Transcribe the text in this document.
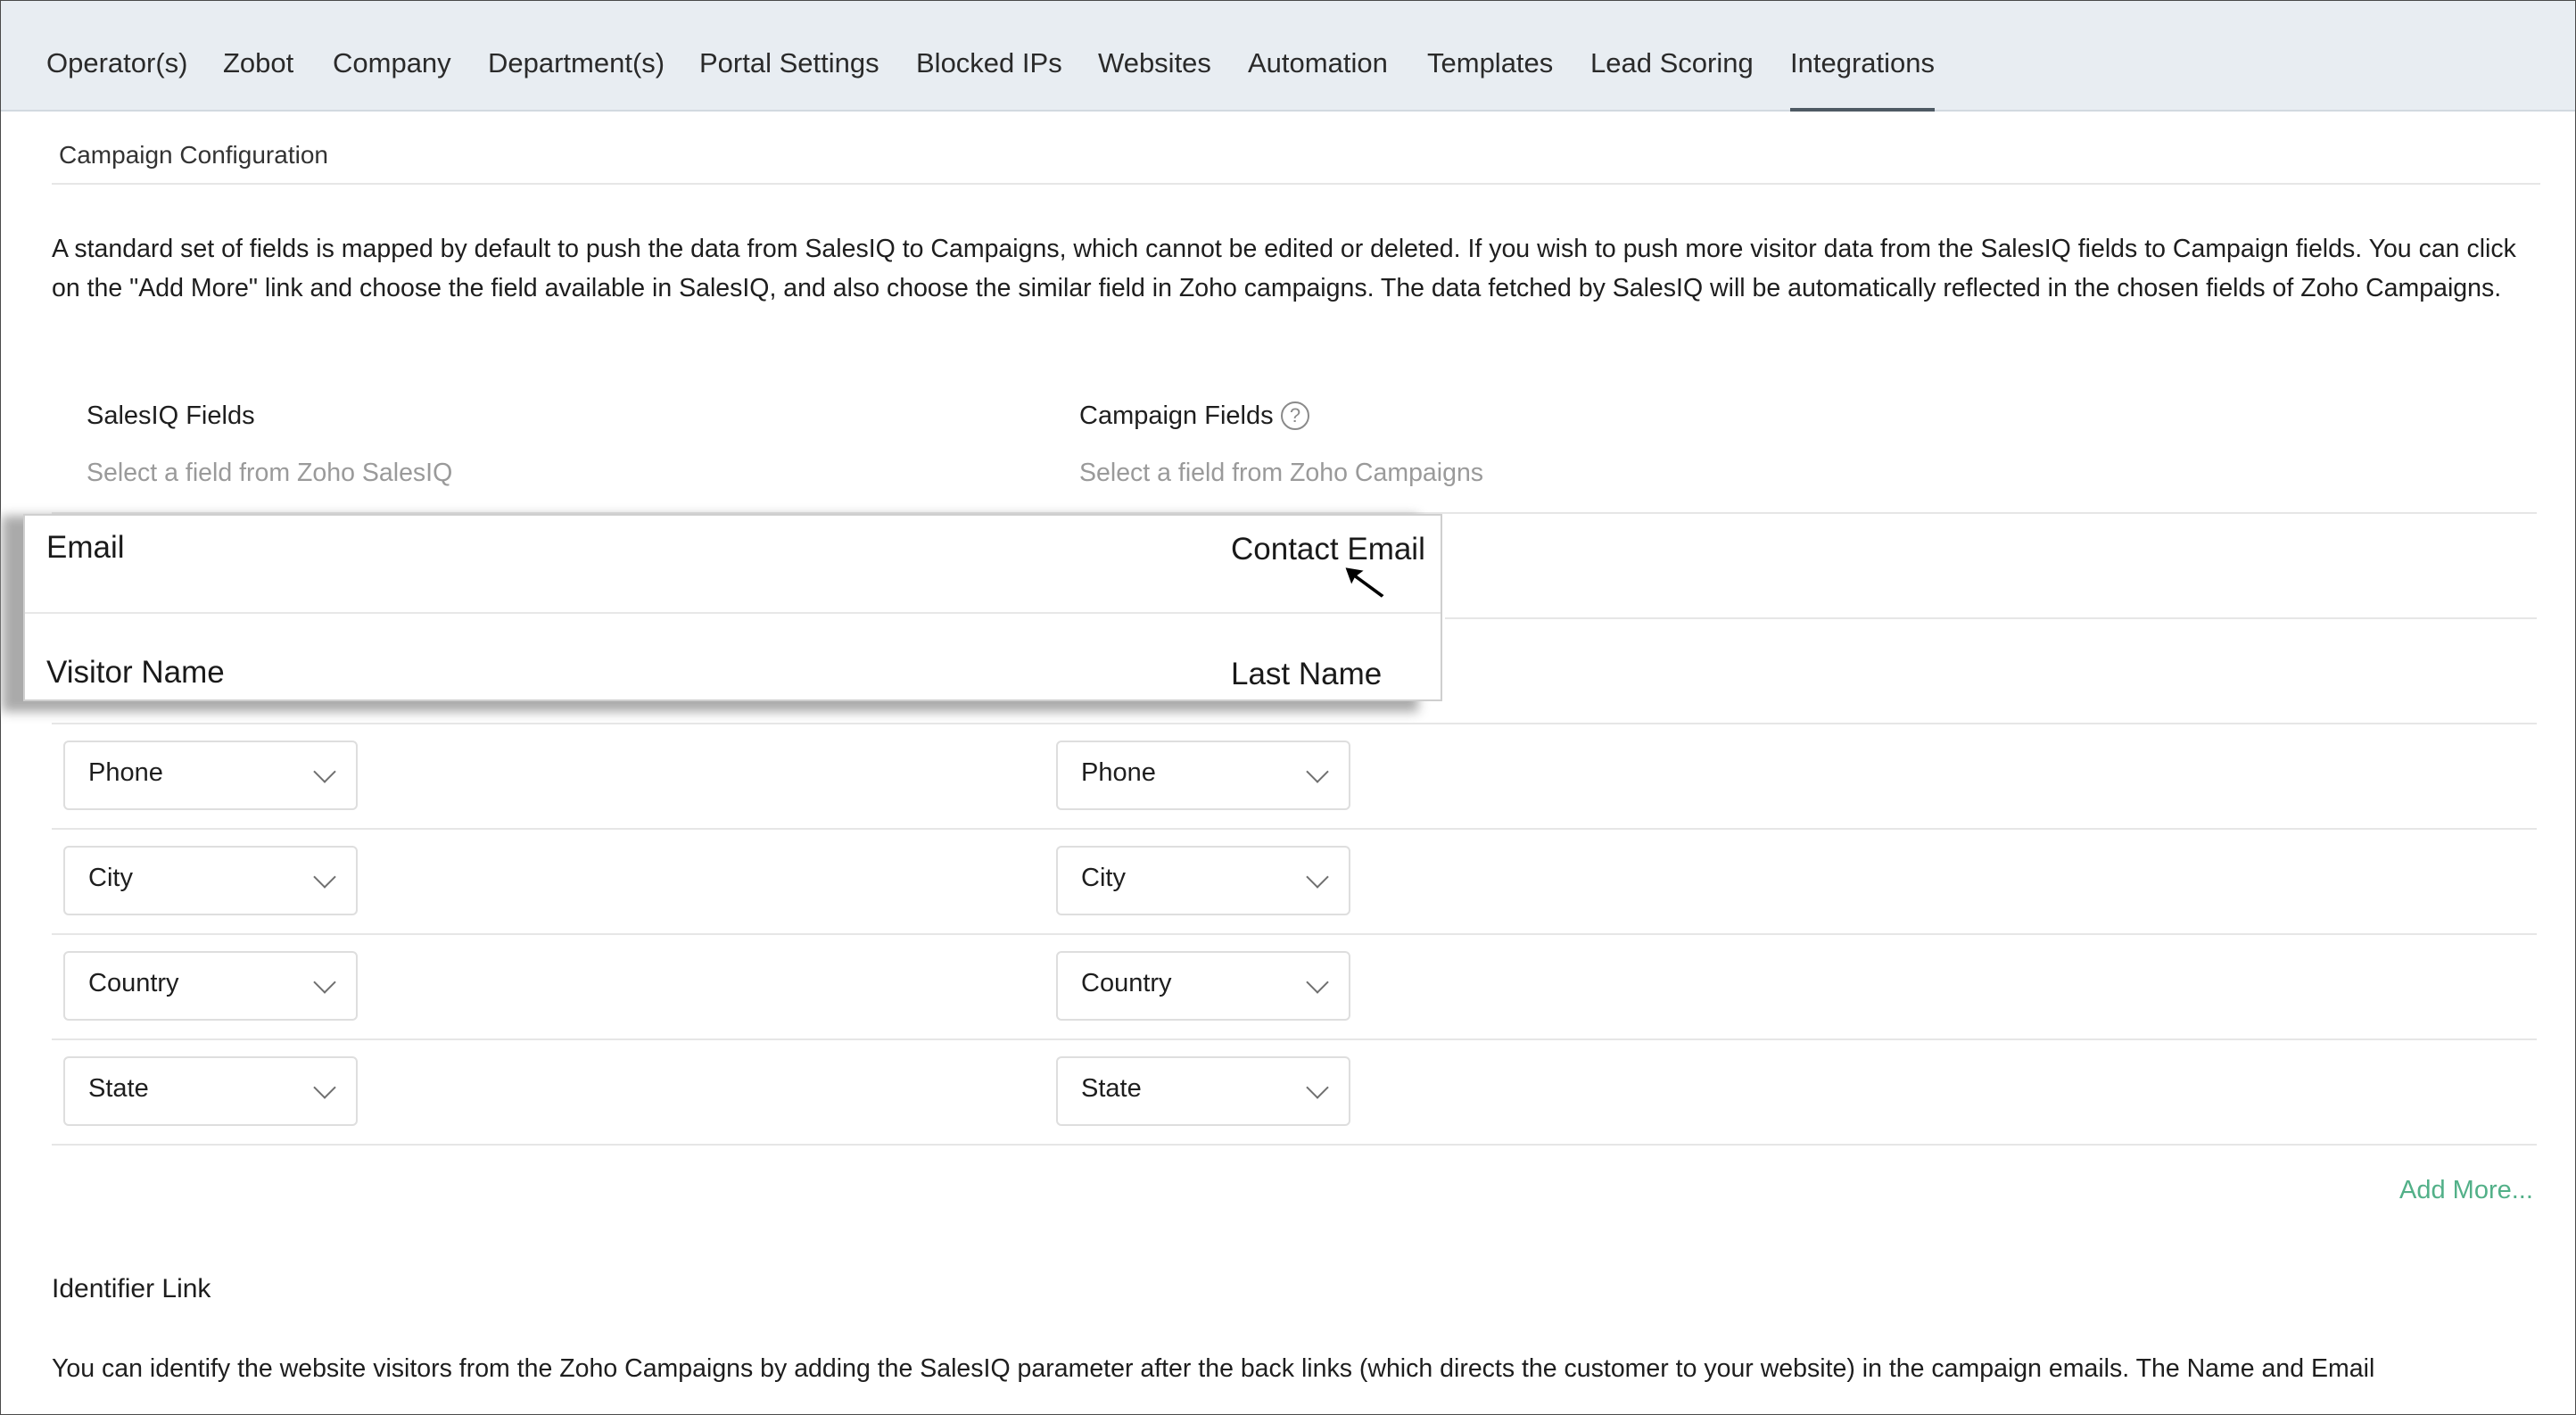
Operator(s) Zobot Company Department(s) Portal Settings Blocked IPs Websites Automation Templates Lead Scoring Integrations
Campaign Configuration
A standard set of fields is mapped by default to push the data from SalesIQ to Campaigns, which cannot be edited or deleted. If you wish to push more visitor data from the SalesIQ fields to Campaign fields. You can click on the "Add More" link and choose the field available in SalesIQ, and also choose the similar field in Zoho campaigns. The data fetched by SalesIQ will be automatically reflected in the chosen fields of Zoho Campaigns.
SalesIQ Fields	Campaign Fields ?
Select a field from Zoho SalesIQ	Select a field from Zoho Campaigns
Phone	Phone
City	City
Country	Country
State	State
Add More...
Identifier Link
You can identify the website visitors from the Zoho Campaigns by adding the SalesIQ parameter after the back links (which directs the customer to your website) in the campaign emails. The Name and Email
Email	Contact Email
Visitor Name	Last Name
